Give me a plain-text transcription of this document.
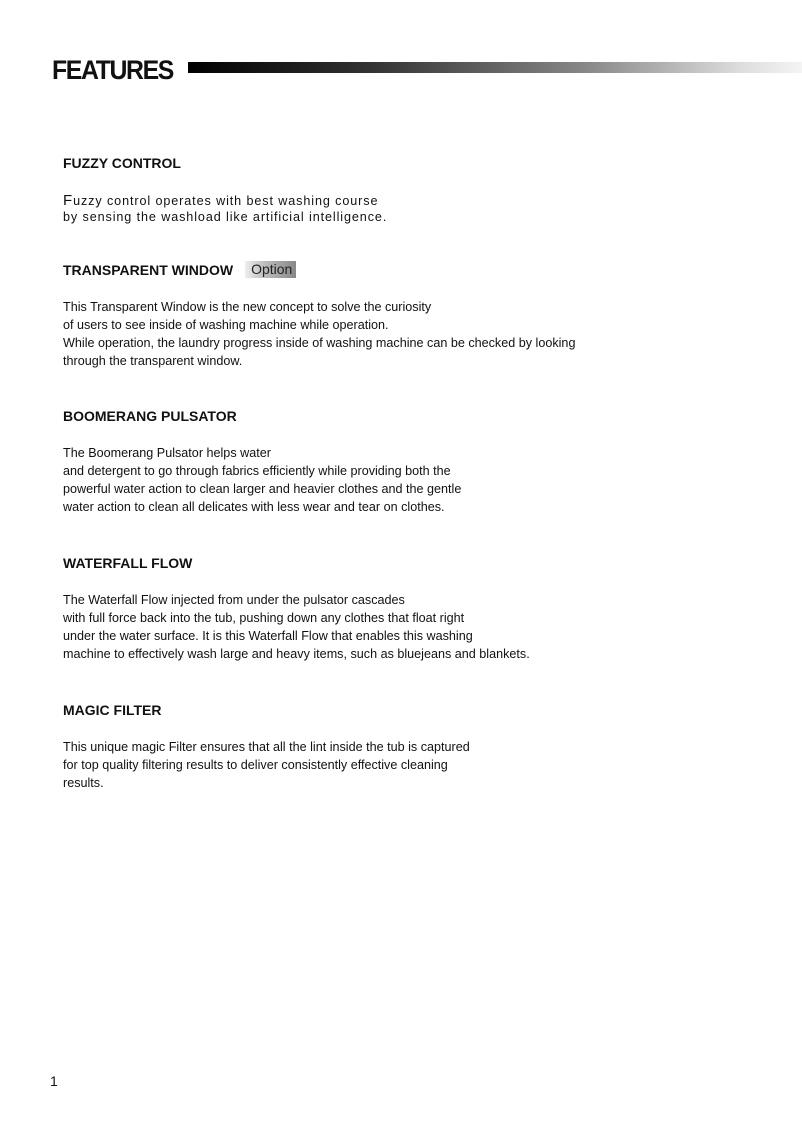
FEATURES
FUZZY CONTROL
Fuzzy control operates with best washing course
by sensing the washload like artificial intelligence.
TRANSPARENT WINDOW	Option
This Transparent Window is the new concept to solve the curiosity
of users to see inside of washing machine while operation.
While operation, the laundry progress inside of washing machine can be checked by looking
through the transparent window.
BOOMERANG PULSATOR
The Boomerang Pulsator helps water
and detergent to go through fabrics efficiently while providing both the
powerful water action to clean larger and heavier clothes and the gentle
water action to clean all delicates with less wear and tear on clothes.
WATERFALL FLOW
The Waterfall Flow injected from under the pulsator cascades
with full force back into the tub, pushing down any clothes that float right
under the water surface. It is this Waterfall Flow that enables this washing
machine to effectively wash large and heavy items, such as bluejeans and blankets.
MAGIC FILTER
This unique magic Filter ensures that all the lint inside the tub is captured
for top quality filtering results to deliver consistently effective cleaning
results.
1
